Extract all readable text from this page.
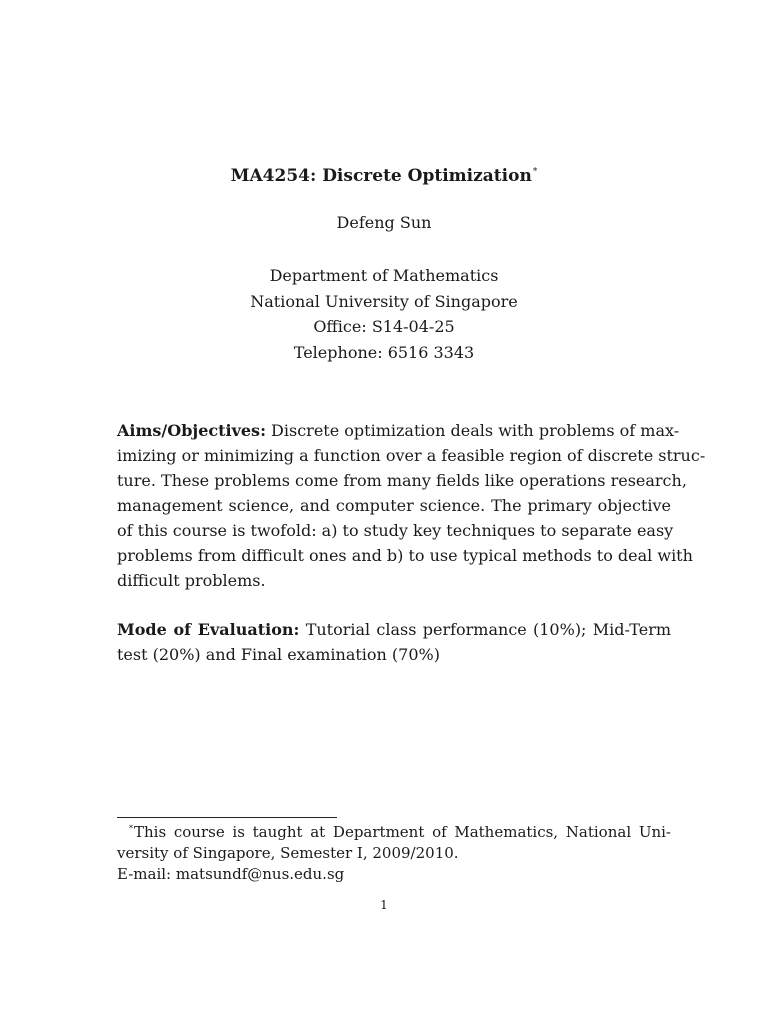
MA4254: Discrete Optimization*
Defeng Sun
Department of Mathematics
National University of Singapore
Office: S14-04-25
Telephone: 6516 3343
Aims/Objectives: Discrete optimization deals with problems of max-
imizing or minimizing a function over a feasible region of discrete struc-
ture. These problems come from many fields like operations research,
management science, and computer science. The primary objective
of this course is twofold: a) to study key techniques to separate easy
problems from difficult ones and b) to use typical methods to deal with
difficult problems.
Mode of Evaluation: Tutorial class performance (10%); Mid-Term
test (20%) and Final examination (70%)
*This course is taught at Department of Mathematics, National Uni-
versity of Singapore, Semester I, 2009/2010.
E-mail: matsundf@nus.edu.sg
1
